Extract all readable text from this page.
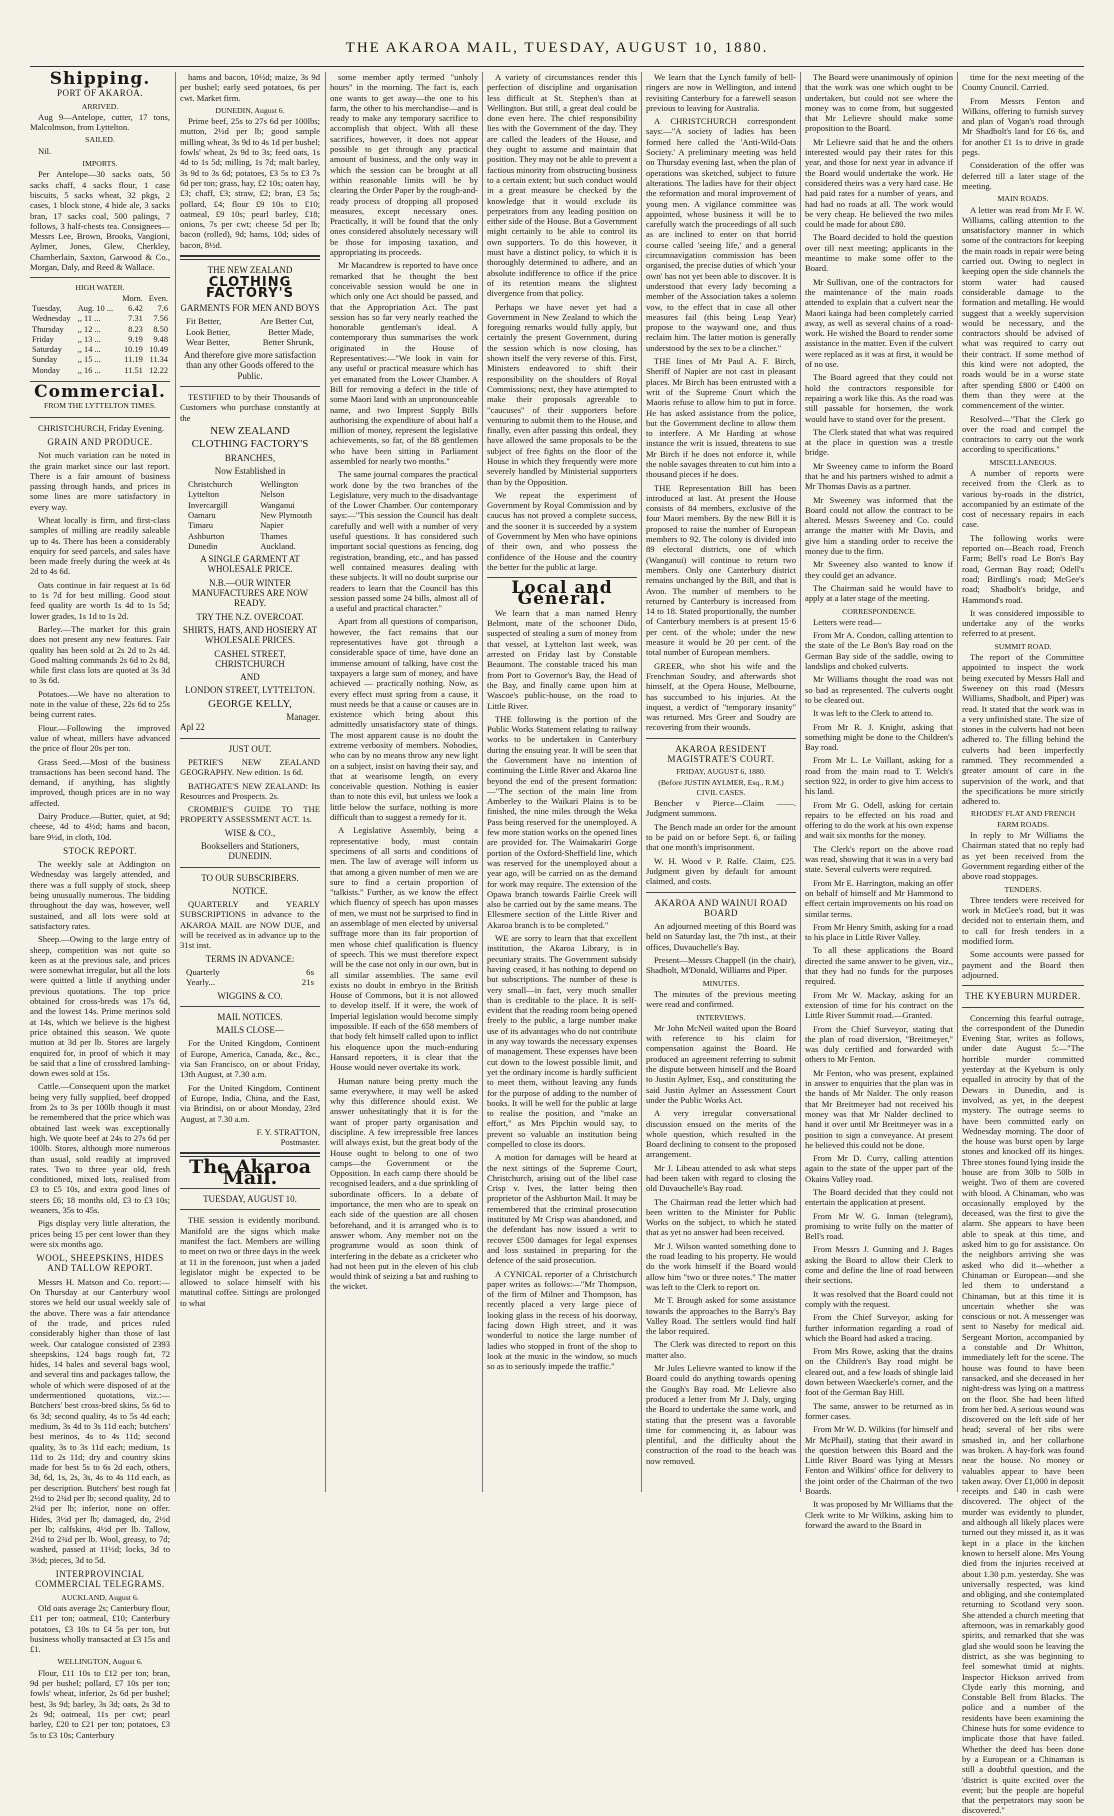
THE AKAROA MAIL, TUESDAY, AUGUST 10, 1880.
Shipping.
PORT OF AKAROA.
ARRIVED.

Aug 9—Antelope, cutter, 17 tons, Malcolmson, from Lyttelton.

SAILED.

Nil.

IMPORTS.

Per Antelope—30 sacks oats, 50 sacks chaff, 4 sacks flour, 1 case biscuits, 5 sacks wheat, 32 pkgs, 2 cases, 1 block stone, 4 hide ale, 3 sacks bran, 17 sacks coal, 500 palings, 7 follows, 3 half-chests tea. Consignees—Messrs Lee, Brown, Brooks, Vangioni, Aylmer, Jones, Glew, Cherkley, Chamberlain, Saxton, Garwood & Co., Morgan, Daly, and Reed & Wallace.

HIGH WATER.
		Morn.	Even.
Tuesday,	Aug. 10 ...	6.42	7.6
Wednesday	,, 11 ...	7.31	7.56
Thursday	,, 12 ...	8.23	8.50
Friday	,, 13 ...	9.19	9.48
Saturday	,, 14 ...	10.19	10.49
Sunday	,, 15 ...	11.19	11.34
Monday	,, 16 ...	11.51	12.22
Commercial.
FROM THE LYTTELTON TIMES.

CHRISTCHURCH, Friday Evening.

GRAIN AND PRODUCE.

Not much variation can be noted in the grain market since our last report. There is a fair amount of business passing through hands, and prices in some lines are more satisfactory in every way.

Wheat locally is firm, and first-class samples of milling are readily saleable up to 4s. There has been a considerably enquiry for seed parcels, and sales have been made freely during the week at 4s 2d to 4s 6d.

Oats continue in fair request at 1s 6d to 1s 7d for best milling. Good stout feed quality are worth 1s 4d to 1s 5d; lower grades, 1s 1d to 1s 2d.

Barley.—The market for this grain does not present any new features. Fair quality has been sold at 2s 2d to 2s 4d. Good malting commands 2s 6d to 2s 8d, while first class lots are quoted at 3s 3d to 3s 6d.

Potatoes.—We have no alteration to note in the value of these, 22s 6d to 25s being current rates.

Flour.—Following the improved value of wheat, millers have advanced the price of flour 20s per ton.

Grass Seed.—Most of the business transactions has been second hand. The demand, if anything, has slightly improved, though prices are in no way affected.

Dairy Produce.—Butter, quiet, at 9d; cheese, 4d to 4½d; hams and bacon, bare 9½d, in cloth, 10d.

STOCK REPORT.

The weekly sale at Addington on Wednesday was largely attended, and there was a full supply of stock, sheep being unusually numerous. The bidding throughout the day was, however, well sustained, and all lots were sold at satisfactory rates.

Sheep.—Owing to the large entry of sheep, competition was not quite so keen as at the previous sale, and prices were somewhat irregular, but all the lots were quitted a little if anything under previous quotations. The top price obtained for cross-breds was 17s 6d, and the lowest 14s. Prime merinos sold at 14s, which we believe is the highest price obtained this season. We quote mutton at 3d per lb. Stores are largely enquired for, in proof of which it may be said that a line of crossbred lambing-down ewes sold at 15s.

Cattle.—Consequent upon the market being very fully supplied, beef dropped from 2s to 3s per 100lb though it must be remembered that the price which was obtained last week was exceptionally high. We quote beef at 24s to 27s 6d per 100lb. Stores, although more numerous than usual, sold readily at improved rates. Two to three year old, fresh conditioned, mixed lots, realised from £3 to £5 10s, and extra good lines of steers £6; 18 months old, £3 to £3 10s; weaners, 35s to 45s.

Pigs display very little alteration, the prices being 15 per cent lower than they were six months ago.

WOOL, SHEEPSKINS, HIDES AND TALLOW REPORT.

Messrs H. Matson and Co. report:—On Thursday at our Canterbury wool stores we held our usual weekly sale of the above. There was a fair attendance of the trade, and prices ruled considerably higher than those of last week. Our catalogue consisted of 2393 sheepskins, 124 bags rough fat, 72 hides, 14 bales and several bags wool, and several tins and packages tallow, the whole of which were disposed of at the undermentioned quotations, viz.:—Butchers' best cross-bred skins, 5s 6d to 6s 3d; second quality, 4s to 5s 4d each; medium, 3s 4d to 3s 11d each; butchers' best merinos, 4s to 4s 11d; second quality, 3s to 3s 11d each; medium, 1s 11d to 2s 11d; dry and country skins made for best 5s to 6s 2d each, others, 3d, 6d, 1s, 2s, 3s, 4s to 4s 11d each, as per description. Butchers' best rough fat 2½d to 2¾d per lb; second quality, 2d to 2¼d per lb; inferior, none on offer. Hides, 3½d per lb; damaged, do, 2½d per lb; calfskins, 4½d per lb. Tallow, 2½d to 2¾d per lb. Wool, greasy, to 7d; washed, passed at 11½d; locks, 3d to 3½d; pieces, 3d to 5d.

INTERPROVINCIAL COMMERCIAL TELEGRAMS.
AUCKLAND, August 6.

Old oats average 2s; Canterbury flour, £11 per ton; oatmeal, £10; Canterbury potatoes, £3 10s to £4 5s per ton, but business wholly transacted at £3 15s and £1.

WELLINGTON, August 6.

Flour, £11 10s to £12 per ton; bran, 9d per bushel; pollard, £7 10s per ton; fowls' wheat, inferior, 2s 6d per bushel; best, 3s 9d; barley, 3s 3d; oats, 2s 3d to 2s 9d; oatmeal, 11s per cwt; pearl barley, £20 to £21 per ton; potatoes, £3 5s to £3 10s; Canterbury

hams and bacon, 10½d; maize, 3s 9d per bushel; early seed potatoes, 6s per cwt. Market firm.

DUNEDIN, August 6.

Prime beef, 25s to 27s 6d per 100lbs; mutton, 2½d per lb; good sample milling wheat, 3s 9d to 4s 1d per bushel; fowls' wheat, 2s 9d to 3s; feed oats, 1s 4d to 1s 5d; milling, 1s 7d; malt barley, 3s 9d to 3s 6d; potatoes, £3 5s to £3 7s 6d per ton; grass, hay, £2 10s; oaten hay, £3; chaff, £3; straw, £2; bran, £3 5s; pollard, £4; flour £9 10s to £10; oatmeal, £9 10s; pearl barley, £18; onions, 7s per cwt; cheese 5d per lb; bacon (rolled), 9d; hams, 10d; sides of bacon, 8½d.

THE NEW ZEALAND
CLOTHING FACTORY'S
GARMENTS FOR MEN AND BOYS
Fit Better,	Are Better Cut,
Look Better,	Better Made,
Wear Better,	Better Shrunk,
And therefore give more satisfaction than any other Goods offered to the Public.

TESTIFIED to by their Thousands of Customers who purchase constantly at the

NEW ZEALAND
CLOTHING FACTORY'S
BRANCHES,
Now Established in
Christchurch
Lyttelton
Invercargill
Oamaru
Timaru
Ashburton
Dunedin
Wellington
Nelson
Wanganui
New Plymouth
Napier
Thames
Auckland.
A SINGLE GARMENT AT WHOLESALE PRICE.
N.B.—OUR WINTER MANUFACTURES ARE NOW READY.
TRY THE N.Z. OVERCOAT.
SHIRTS, HATS, AND HOSIERY AT WHOLESALE PRICES.
CASHEL STREET, CHRISTCHURCH
AND
LONDON STREET, LYTTELTON.
GEORGE KELLY,
Manager.
Apl 22
JUST OUT.

PETRIE'S NEW ZEALAND GEOGRAPHY. New edition. 1s 6d.

BATHGATE'S NEW ZEALAND: Its Resources and Prospects. 2s.

CROMBIE'S GUIDE TO THE PROPERTY ASSESSMENT ACT. 1s.

WISE & CO.,
Booksellers and Stationers, DUNEDIN.
TO OUR SUBSCRIBERS.
NOTICE.

QUARTERLY and YEARLY SUBSCRIPTIONS in advance to the AKAROA MAIL are NOW DUE, and will be received as in advance up to the 31st inst.

TERMS IN ADVANCE:
Quarterly	6s
Yearly...	21s
WIGGINS & CO.
MAIL NOTICES.
MAILS CLOSE—

For the United Kingdom, Continent of Europe, America, Canada, &c., &c., via San Francisco, on or about Friday, 13th August, at 7.30 a.m.

For the United Kingdom, Continent of Europe, India, China, and the East, via Brindisi, on or about Monday, 23rd August, at 7.30 a.m.

F. Y. STRATTON,
Postmaster.
The Akaroa Mail.
TUESDAY, AUGUST 10.

THE session is evidently moribund. Manifold are the signs which make manifest the fact. Members are willing to meet on two or three days in the week at 11 in the forenoon, just when a jaded legislator might be expected to be allowed to solace himself with his matutinal coffee. Sittings are prolonged to what

some member aptly termed "unholy hours" in the morning. The fact is, each one wants to get away—the one to his farm, the other to his merchandise—and is ready to make any temporary sacrifice to accomplish that object. With all these sacrifices, however, it does not appear possible to get through any practical amount of business, and the only way in which the session can be brought at all within reasonable limits will be by clearing the Order Paper by the rough-and-ready process of dropping all proposed measures, except necessary ones. Practically, it will be found that the only ones considered absolutely necessary will be those for imposing taxation, and appropriating its proceeds.

Mr Macandrew is reported to have once remarked that he thought the best conceivable session would be one in which only one Act should be passed, and that the Appropriation Act. The past session has so far very nearly reached the honorable gentleman's ideal. A contemporary thus summarises the work originated in the House of Representatives:—"We look in vain for any useful or practical measure which has yet emanated from the Lower Chamber. A Bill for removing a defect in the title of some Maori land with an unpronounceable name, and two Imprest Supply Bills authorising the expenditure of about half a million of money, represent the legislative achievements, so far, of the 88 gentlemen who have been sitting in Parliament assembled for nearly two months."

The same journal compares the practical work done by the two branches of the Legislature, very much to the disadvantage of the Lower Chamber. Our contemporary says:—"This session the Council has dealt carefully and well with a number of very useful questions. It has considered such important social questions as fencing, dog registration, branding, etc., and has passed well contained measures dealing with these subjects. It will no doubt surprise our readers to learn that the Council has this session passed some 24 bills, almost all of a useful and practical character."

Apart from all questions of comparison, however, the fact remains that our representatives have got through a considerable space of time, have done an immense amount of talking, have cost the taxpayers a large sum of money, and have achieved — practically nothing. Now, as every effect must spring from a cause, it must needs be that a cause or causes are in existence which bring about this admittedly unsatisfactory state of things. The most apparent cause is no doubt the extreme verbosity of members. Nobodies, who can by no means throw any new light on a subject, insist on having their say, and that at wearisome length, on every conceivable question. Nothing is easier than to note this evil, but unless we look a little below the surface, nothing is more difficult than to suggest a remedy for it.

A Legislative Assembly, being a representative body, must contain specimens of all sorts and conditions of men. The law of average will inform us that among a given number of men we are sure to find a certain proportion of "talkists." Further, as we know the effect which fluency of speech has upon masses of men, we must not be surprised to find in an assemblage of men elected by universal suffrage more than its fair proportion of men whose chief qualification is fluency of speech. This we must therefore expect will be the case not only in our own, but in all similar assemblies. The same evil exists no doubt in embryo in the British House of Commons, but it is not allowed to develop itself. If it were, the work of Imperial legislation would become simply impossible. If each of the 658 members of that body felt himself called upon to inflict his eloquence upon the much-enduring Hansard reporters, it is clear that the House would never overtake its work.

Human nature being pretty much the same everywhere, it may well be asked why this difference should exist. We answer unhesitatingly that it is for the want of proper party organisation and discipline. A few irrepressible free lances will always exist, but the great body of the House ought to belong to one of two camps—the Government or the Opposition. In each camp there should be recognised leaders, and a due sprinkling of subordinate officers. In a debate of importance, the men who are to speak on each side of the question are all chosen beforehand, and it is arranged who is to answer whom. Any member not on the programme would as soon think of interfering in the debate as a cricketer who had not been put in the eleven of his club would think of seizing a bat and rushing to the wicket.

A variety of circumstances render this perfection of discipline and organisation less difficult at St. Stephen's than at Wellington. But still, a great deal could be done even here. The chief responsibility lies with the Government of the day. They are called the leaders of the House, and they ought to assume and maintain that position. They may not be able to prevent a factious minority from obstructing business to a certain extent; but such conduct would in a great measure be checked by the knowledge that it would exclude its perpetrators from any leading position on either side of the House. But a Government might certainly to be able to control its own supporters. To do this however, it must have a distinct policy, to which it is thoroughly determined to adhere, and an absolute indifference to office if the price of its retention means the slightest divergence from that policy.

Perhaps we have never yet had a Government in New Zealand to which the foregoing remarks would fully apply, but certainly the present Government, during the session which is now closing, has shown itself the very reverse of this. First, Ministers endeavored to shift their responsibility on the shoulders of Royal Commissions; next, they have attempted to make their proposals agreeable to "caucuses" of their supporters before venturing to submit them to the House, and finally, even after passing this ordeal, they have allowed the same proposals to be the subject of free fights on the floor of the House in which they frequently were more severely handled by Ministerial supporters than by the Opposition.

We repeat the experiment of Government by Royal Commission and by caucus has not proved a complete success, and the sooner it is succeeded by a system of Government by Men who have opinions of their own, and who possess the confidence of the House and the country the better for the public at large.

Local and General.

We learn that a man named Henry Belmont, mate of the schooner Dido, suspected of stealing a sum of money from that vessel, at Lyttelton last week, was arrested on Friday last by Constable Beaumont. The constable traced his man from Port to Governor's Bay, the Head of the Bay, and finally came upon him at Wascoe's public-house, on the road to Little River.

THE following is the portion of the Public Works Statement relating to railway works to be undertaken in Canterbury during the ensuing year. It will be seen that the Government have no intention of continuing the Little River and Akaroa line beyond the end of the present formation:—"The section of the main line from Amberley to the Waikari Plains is to be finished, the nine miles through the Weka Pass being reserved for the unemployed. A few more station works on the opened lines are provided for. The Waimakariri Gorge portion of the Oxford-Sheffield line, which was reserved for the unemployed about a year ago, will be carried on as the demand for work may require. The extension of the Opawa branch towards Fairlie Creek will also be carried out by the same means. The Ellesmere section of the Little River and Akaroa branch is to be completed."

WE are sorry to learn that that excellent institution, the Akaroa Library, is in pecuniary straits. The Government subsidy having ceased, it has nothing to depend on but subscriptions. The number of these is very small—in fact, very much smaller than is creditable to the place. It is self-evident that the reading room being opened freely to the public, a large number make use of its advantages who do not contribute in any way towards the necessary expenses of management. These expenses have been cut down to the lowest possible limit, and yet the ordinary income is hardly sufficient to meet them, without leaving any funds for the purpose of adding to the number of books. It will be well for the public at large to realise the position, and "make an effort," as Mrs Pipchin would say, to prevent so valuable an institution being compelled to close its doors.

A motion for damages will be heard at the next sittings of the Supreme Court, Christchurch, arising out of the libel case Crisp v. Ives, the latter being then proprietor of the Ashburton Mail. It may be remembered that the criminal prosecution instituted by Mr Crisp was abandoned, and the defendant has now issued a writ to recover £500 damages for legal expenses and loss sustained in preparing for the defence of the said prosecution.

A CYNICAL reporter of a Christchurch paper writes as follows:—"Mr Thompson, of the firm of Milner and Thompson, has recently placed a very large piece of looking glass in the recess of his doorway, facing down High street, and it was wonderful to notice the large number of ladies who stopped in front of the shop to look at the music in the window, so much so as to seriously impede the traffic."

We learn that the Lynch family of bell-ringers are now in Wellington, and intend revisiting Canterbury for a farewell season previous to leaving for Australia.

A CHRISTCHURCH correspondent says:—"A society of ladies has been formed here called the 'Anti-Wild-Oats Society.' A preliminary meeting was held on Thursday evening last, when the plan of operations was sketched, subject to future alterations. The ladies have for their object the reformation and moral improvement of young men. A vigilance committee was appointed, whose business it will be to carefully watch the proceedings of all such as are inclined to enter on that horrid course called 'seeing life,' and a general circumnavigation commission has been organised, the precise duties of which 'your own' has not yet been able to discover. It is understood that every lady becoming a member of the Association takes a solemn vow, to the effect that in case all other measures fail (this being Leap Year) propose to the wayward one, and thus reclaim him. The latter motion is generally understood by the sex to be a clincher."

THE lines of Mr Paul A. F. Birch, Sheriff of Napier are not cast in pleasant places. Mr Birch has been entrusted with a writ of the Supreme Court which the Maoris refuse to allow him to put in force. He has asked assistance from the police, but the Government decline to allow them to interfere. A Mr Harding at whose instance the writ is issued, threatens to sue Mr Birch if he does not enforce it, while the noble savages threaten to cut him into a thousand pieces if he does.

THE Representation Bill has been introduced at last. At present the House consists of 84 members, exclusive of the four Maori members. By the new Bill it is proposed to raise the number of European members to 92. The colony is divided into 89 electoral districts, one of which (Wanganui) will continue to return two members. Only one Canterbury district remains unchanged by the Bill, and that is Avon. The number of members to be returned by Canterbury is increased from 14 to 18. Stated proportionally, the number of Canterbury members is at present 15·6 per cent. of the whole; under the new measure it would be 20 per cent. of the total number of European members.

GREER, who shot his wife and the Frenchman Soudry, and afterwards shot himself, at the Opera House, Melbourne, has succumbed to his injuries. At the inquest, a verdict of "temporary insanity" was returned. Mrs Greer and Soudry are recovering from their wounds.

AKAROA RESIDENT MAGISTRATE'S COURT.
FRIDAY, AUGUST 6, 1880.
(Before JUSTIN AYLMER, Esq., R.M.)
CIVIL CASES.

Bencher v Pierce—Claim ——. Judgment summons.

The Bench made an order for the amount to be paid on or before Sept. 6, or failing that one month's imprisonment.

W. H. Wood v P. Ralfe. Claim, £25. Judgment given by default for amount claimed, and costs.

AKAROA AND WAINUI ROAD BOARD

An adjourned meeting of this Board was held on Saturday last, the 7th inst., at their offices, Duvauchelle's Bay.

Present—Messrs Chappell (in the chair), Shadbolt, M'Donald, Williams and Piper.

MINUTES.

The minutes of the previous meeting were read and confirmed.

INTERVIEWS.

Mr John McNeil waited upon the Board with reference to his claim for compensation against the Board. He produced an agreement referring to submit the dispute between himself and the Board to Justin Aylmer, Esq., and constituting the said Justin Aylmer an Assessment Court under the Public Works Act.

A very irregular conversational discussion ensued on the merits of the whole question, which resulted in the Board declining to consent to the proposed arrangement.

Mr J. Libeau attended to ask what steps had been taken with regard to closing the old Duvauchelle's Bay road.

The Chairman read the letter which had been written to the Minister for Public Works on the subject, to which he stated that as yet no answer had been received.

Mr J. Wilson wanted something done to the road leading to his property. He would do the work himself if the Board would allow him "two or three notes." The matter was left to the Clerk to report on.

Mr T. Brough asked for some assistance towards the approaches to the Barry's Bay Valley Road. The settlers would find half the labor required.

The Clerk was directed to report on this matter also.

Mr Jules Lelievre wanted to know if the Board could do anything towards opening the Gough's Bay road. Mr Lelievre also produced a letter from Mr J. Daly, urging the Board to undertake the same work, and stating that the present was a favorable time for commencing it, as labour was plentiful, and the difficulty about the construction of the road to the beach was now removed.

The Board were unanimously of opinion that the work was one which ought to be undertaken, but could not see where the money was to come from, but suggested that Mr Lelievre should make some proposition to the Board.

Mr Lelievre said that he and the others interested would pay their rates for this year, and those for next year in advance if the Board would undertake the work. He considered theirs was a very hard case. He had paid rates for a number of years, and had had no roads at all. The work would be very cheap. He believed the two miles could be made for about £80.

The Board decided to hold the question over till next meeting; applicants in the meantime to make some offer to the Board.

Mr Sullivan, one of the contractors for the maintenance of the main roads attended to explain that a culvert near the Maori kainga had been completely carried away, as well as several chains of a road-work. He wished the Board to render some assistance in the matter. Even if the culvert were replaced as it was at first, it would be of no use.

The Board agreed that they could not hold the contractors responsible for repairing a work like this. As the road was still passable for horsemen, the work would have to stand over for the present.

The Clerk stated that what was required at the place in question was a trestle bridge.

Mr Sweeney came to inform the Board that he and his partners wished to admit a Mr Thomas Davis as a partner.

Mr Sweeney was informed that the Board could not allow the contract to be altered. Messrs Sweeney and Co. could arrange the matter with Mr Davis, and give him a standing order to receive the money due to the firm.

Mr Sweeney also wanted to know if they could get an advance.

The Chairman said he would have to apply at a later stage of the meeting.

CORRESPONDENCE.

Letters were read—

From Mr A. Condon, calling attention to the state of the Le Bon's Bay road on the German Bay side of the saddle, owing to landslips and choked culverts.

Mr Williams thought the road was not so bad as represented. The culverts ought to be cleared out.

It was left to the Clerk to attend to.

From Mr R. J. Knight, asking that something might be done to the Children's Bay road.

From Mr L. Le Vaillant, asking for a road from the main road to T. Welch's section 922, in order to give him access to his land.

From Mr G. Odell, asking for certain repairs to be effected on his road and offering to do the work at his own expense and wait six months for the money.

The Clerk's report on the above road was read, showing that it was in a very bad state. Several culverts were required.

From Mr E. Harrington, making an offer on behalf of himself and Mr Hammond to effect certain improvements on his road on similar terms.

From Mr Henry Smith, asking for a road to his place in Little River Valley.

To all these applications the Board directed the same answer to be given, viz., that they had no funds for the purposes required.

From Mr W. Mackay, asking for an extension of time for his contract on the Little River Summit road.—Granted.

From the Chief Surveyor, stating that the plan of road diversion, "Breitmeyer," was duly certified and forwarded with others to Mr Fenton.

Mr Fenton, who was present, explained in answer to enquiries that the plan was in the hands of Mr Nalder. The only reason that Mr Breitmeyer had not received his money was that Mr Nalder declined to hand it over until Mr Breitmeyer was in a position to sign a conveyance. At present he believed this could not be done.

From Mr D. Curry, calling attention again to the state of the upper part of the Okains Valley road.

The Board decided that they could not entertain the application at present.

From Mr W. G. Inman (telegram), promising to write fully on the matter of Bell's road.

From Messrs J. Gunning and J. Bages asking the Board to allow their Clerk to come and define the line of road between their sections.

It was resolved that the Board could not comply with the request.

From the Chief Surveyor, asking for further information regarding a road of which the Board had asked a tracing.

From Mrs Rowe, asking that the drains on the Children's Bay road might be cleared out, and a few loads of shingle laid down between Waeckerle's corner, and the foot of the German Bay Hill.

The same, answer to be returned as in former cases.

From Mr W. D. Wilkins (for himself and Mr McPhail), stating that their award in the question between this Board and the Little River Board was lying at Messrs Fenton and Wilkins' office for delivery to the joint order of the Chairman of the two Boards.

It was proposed by Mr Williams that the Clerk write to Mr Wilkins, asking him to forward the award to the Board in

time for the next meeting of the County Council. Carried.

From Messrs Fenton and Wilkins, offering to furnish survey and plan of Vogan's road through Mr Shadbolt's land for £6 6s, and for another £1 1s to drive in grade pegs.

Consideration of the offer was deferred till a later stage of the meeting.

MAIN ROADS.

A letter was read from Mr F. W. Williams, calling attention to the unsatisfactory manner in which some of the contractors for keeping the main roads in repair were being carried out. Owing to neglect in keeping open the side channels the storm water had caused considerable damage to the formation and metalling. He would suggest that a weekly supervision would be necessary, and the contractors should be advised of what was required to carry out their contract. If some method of this kind were not adopted, the roads would be in a worse state after spending £800 or £400 on them than they were at the commencement of the winter.

Resolved—"That the Clerk go over the road and compel the contractors to carry out the work according to specifications."

MISCELLANEOUS.

A number of reports were received from the Clerk as to various by-roads in the district, accompanied by an estimate of the cost of necessary repairs in each case.

The following works were reported on—Beach road, French Farm; Bell's road Le Bon's Bay road, German Bay road; Odell's road; Birdling's road; McGee's road; Shadbolt's bridge, and Hammond's road.

It was considered impossible to undertake any of the works referred to at present.

SUMMIT ROAD.

The report of the Committee appointed to inspect the work being executed by Messrs Hall and Sweeney on this road (Messrs Williams, Shadbolt, and Piper) was read. It stated that the work was in a very unfinished state. The size of stones in the culverts had not been adhered to. The filling behind the culverts had been imperfectly rammed. They recommended a greater amount of care in the supervision of the work, and that the specifications be more strictly adhered to.

RHODES' FLAT AND FRENCH FARM ROADS.

In reply to Mr Williams the Chairman stated that no reply had as yet been received from the Government regarding either of the above road stoppages.

TENDERS.

Three tenders were received for work in McGee's road, but it was decided not to entertain them, and to call for fresh tenders in a modified form.

Some accounts were passed for payment and the Board then adjourned.

THE KYEBURN MURDER.

Concerning this fearful outrage, the correspondent of the Dunedin Evening Star, writes as follows, under date August 5:—"The horrible murder committed yesterday at the Kyeburn is only equalled in atrocity by that of the Dewars in Dunedin, and is involved, as yet, in the deepest mystery. The outrage seems to have been committed early on Wednesday morning. The door of the house was burst open by large stones and knocked off its hinges. Three stones found lying inside the house are from 30lb to 50lb in weight. Two of them are covered with blood. A Chinaman, who was occasionally employed by the deceased, was the first to give the alarm. She appears to have been able to speak at this time, and asked him to go for assistance. On the neighbors arriving she was asked who did it—whether a Chinaman or European—and she led them to understand a Chinaman, but at this time it is uncertain whether she was conscious or not. A messenger was sent to Naseby for medical aid. Sergeant Morton, accompanied by a constable and Dr Whitton, immediately left for the scene. The house was found to have been ransacked, and she deceased in her night-dress was lying on a mattress on the floor. She had been lifted from her bed. A serious wound was discovered on the left side of her head; several of her ribs were smashed in, and her collarbone was broken. A hay-fork was found near the house. No money or valuables appear to have been taken away. Over £1,000 in deposit receipts and £40 in cash were discovered. The object of the murder was evidently to plunder, and although all likely places were turned out they missed it, as it was kept in a place in the kitchen known to herself alone. Mrs Young died from the injuries received at about 1.30 p.m. yesterday. She was universally respected, was kind and obliging, and she contemplated returning to Scotland very soon. She attended a church meeting that afternoon, was in remarkably good spirits, and remarked that she was glad she would soon be leaving the district, as she was beginning to feel somewhat timid at nights. Inspector Hickson arrived from Clyde early this morning, and Constable Bell from Blacks. The police and a number of the residents have been examining the Chinese huts for some evidence to implicate those that have failed. Whether the deed has been done by a European or a Chinaman is still a doubtful question, and the 'district is quite excited over the event; but the people are hopeful that the perpetrators may soon be discovered."
